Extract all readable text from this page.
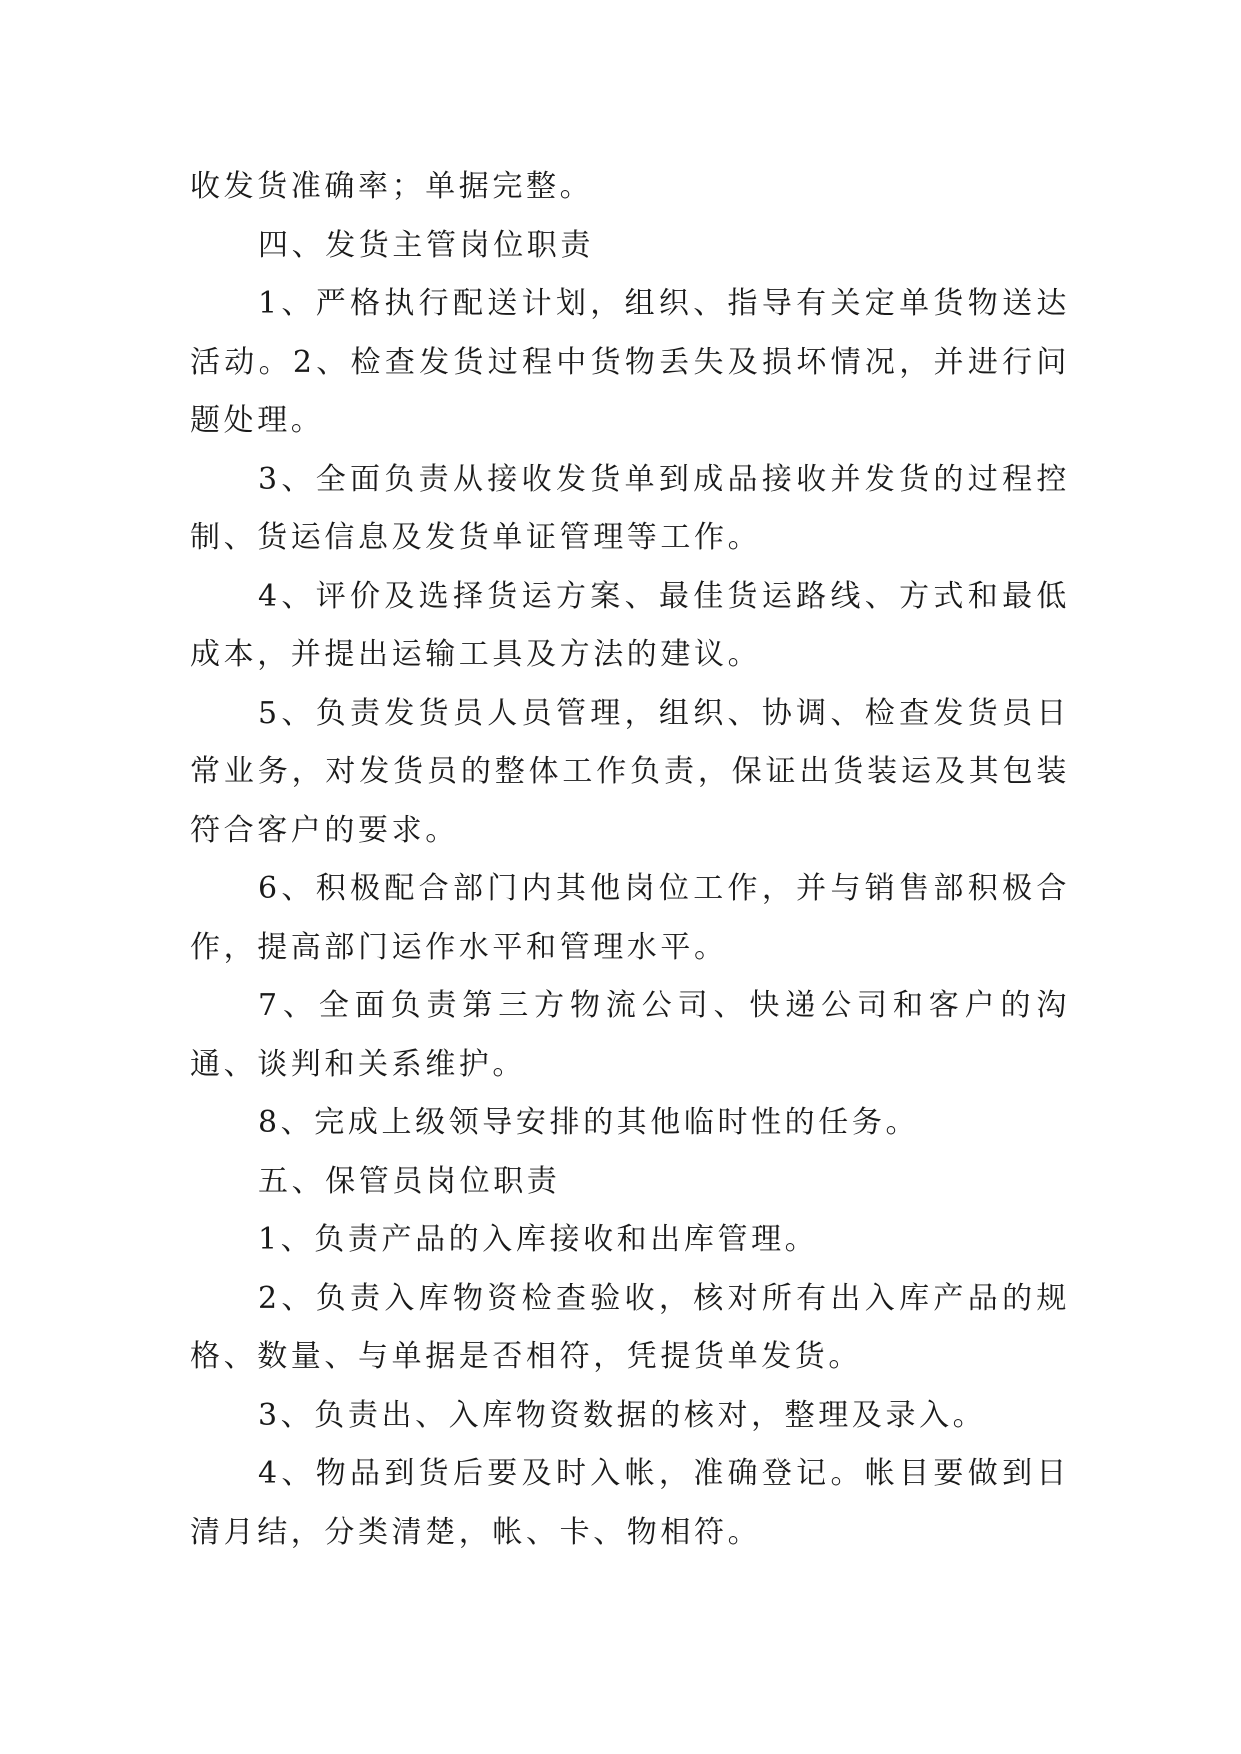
收发货准确率；单据完整。

四、发货主管岗位职责

1、严格执行配送计划，组织、指导有关定单货物送达活动。2、检查发货过程中货物丢失及损坏情况，并进行问题处理。

3、全面负责从接收发货单到成品接收并发货的过程控制、货运信息及发货单证管理等工作。

4、评价及选择货运方案、最佳货运路线、方式和最低成本，并提出运输工具及方法的建议。

5、负责发货员人员管理，组织、协调、检查发货员日常业务，对发货员的整体工作负责，保证出货装运及其包装符合客户的要求。

6、积极配合部门内其他岗位工作，并与销售部积极合作，提高部门运作水平和管理水平。

7、全面负责第三方物流公司、快递公司和客户的沟通、谈判和关系维护。

8、完成上级领导安排的其他临时性的任务。

五、保管员岗位职责

1、负责产品的入库接收和出库管理。

2、负责入库物资检查验收，核对所有出入库产品的规格、数量、与单据是否相符，凭提货单发货。

3、负责出、入库物资数据的核对，整理及录入。

4、物品到货后要及时入帐，准确登记。帐目要做到日清月结，分类清楚，帐、卡、物相符。
